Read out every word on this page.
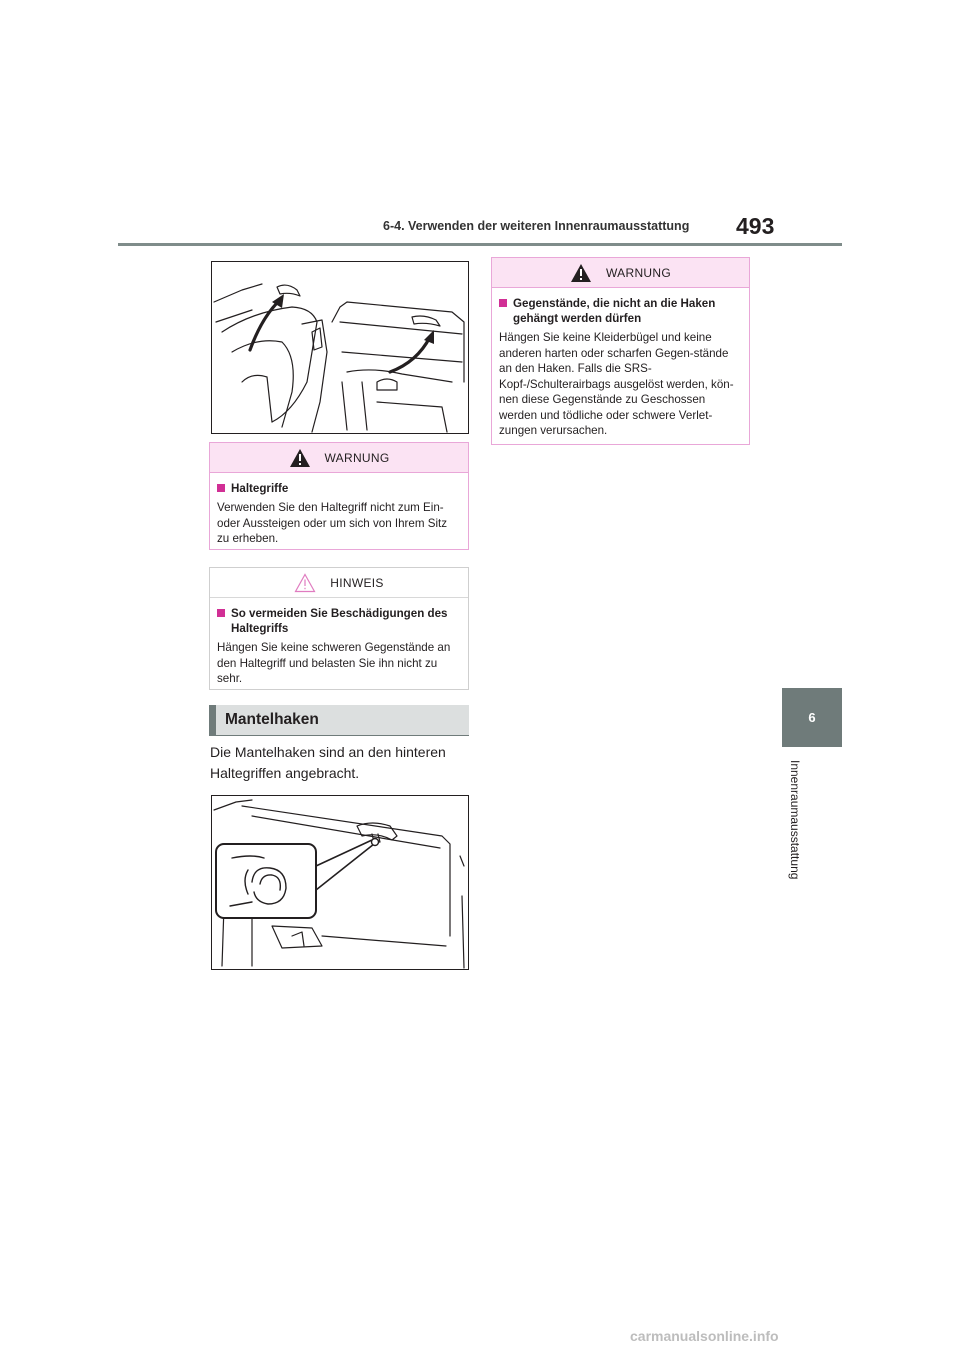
6-4. Verwenden der weiteren Innenraumausstattung	493
6
Innenraumausstattung
WARNUNG
Haltegriffe
Verwenden Sie den Haltegriff nicht zum Ein- oder Aussteigen oder um sich von Ihrem Sitz zu erheben.
HINWEIS
So vermeiden Sie Beschädigungen des Haltegriffs
Hängen Sie keine schweren Gegenstände an den Haltegriff und belasten Sie ihn nicht zu sehr.
Mantelhaken
Die Mantelhaken sind an den hinteren Haltegriffen angebracht.
WARNUNG
Gegenstände, die nicht an die Haken gehängt werden dürfen
Hängen Sie keine Kleiderbügel und keine anderen harten oder scharfen Gegen-stände an den Haken. Falls die SRS-Kopf-/Schulterairbags ausgelöst werden, kön-nen diese Gegenstände zu Geschossen werden und tödliche oder schwere Verlet-zungen verursachen.
carmanualsonline.info
